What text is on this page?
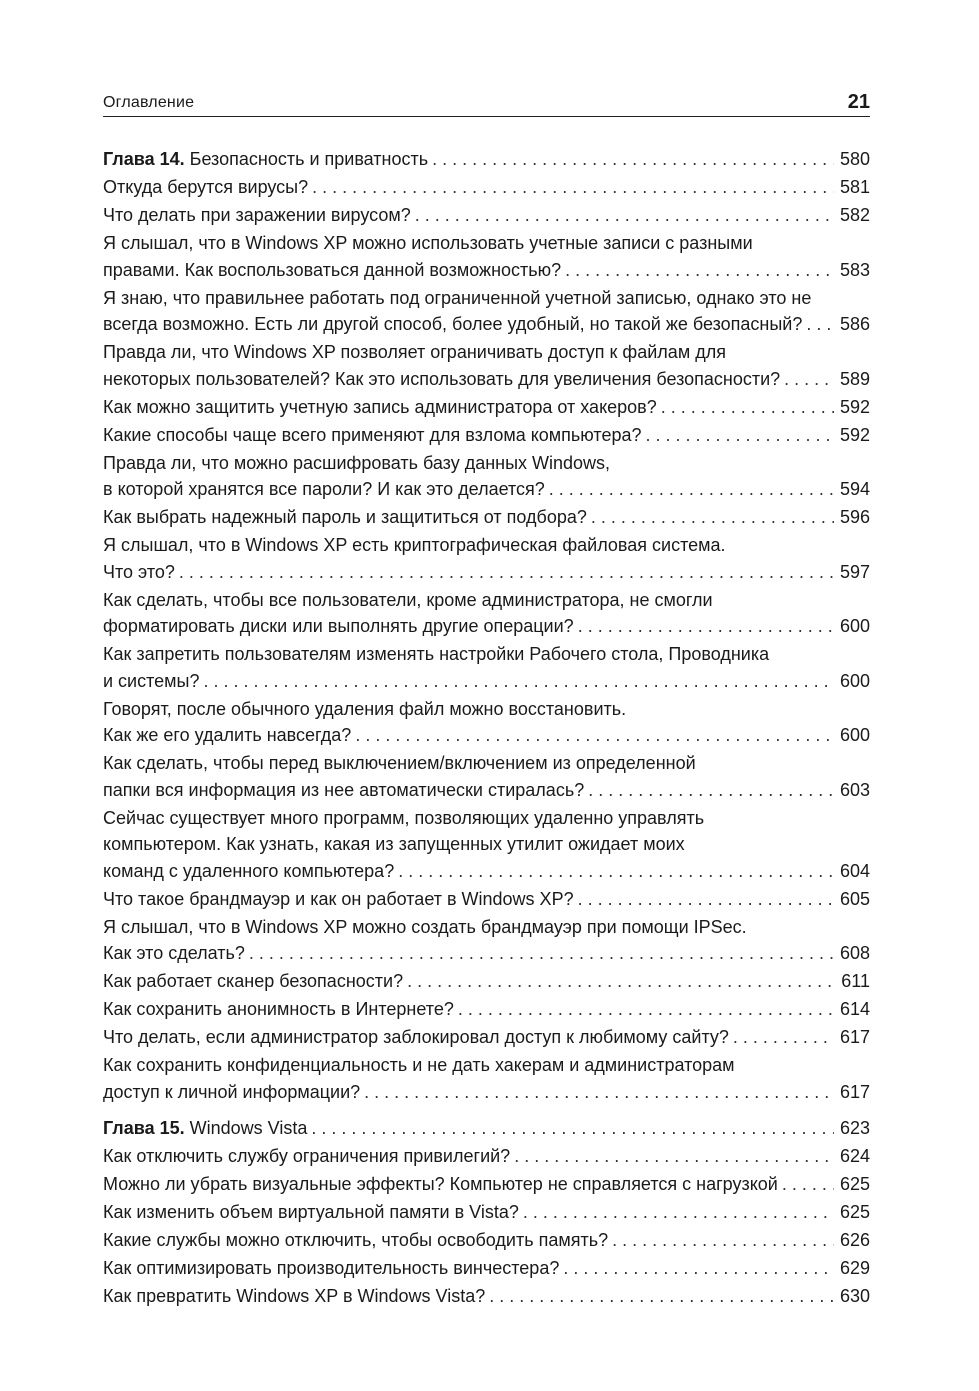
Оглавление	21
Глава 14. Безопасность и приватность . . .	580
Откуда берутся вирусы? . . .	581
Что делать при заражении вирусом? . . .	582
Я слышал, что в Windows XP можно использовать учетные записи с разными
правами. Как воспользоваться данной возможностью? . . .	583
Я знаю, что правильнее работать под ограниченной учетной записью, однако это не
всегда возможно. Есть ли другой способ, более удобный, но такой же безопасный? . . . 586
Правда ли, что Windows XP позволяет ограничивать доступ к файлам для
некоторых пользователей? Как это использовать для увеличения безопасности? . . .	589
Как можно защитить учетную запись администратора от хакеров? . . .	592
Какие способы чаще всего применяют для взлома компьютера? . . .	592
Правда ли, что можно расшифровать базу данных Windows,
в которой хранятся все пароли? И как это делается? . . .	594
Как выбрать надежный пароль и защититься от подбора? . . .	596
Я слышал, что в Windows XP есть криптографическая файловая система.
Что это? . . .	597
Как сделать, чтобы все пользователи, кроме администратора, не смогли
форматировать диски или выполнять другие операции? . . .	600
Как запретить пользователям изменять настройки Рабочего стола, Проводника
и системы? . . .	600
Говорят, после обычного удаления файл можно восстановить.
Как же его удалить навсегда? . . .	600
Как сделать, чтобы перед выключением/включением из определенной
папки вся информация из нее автоматически стиралась? . . .	603
Сейчас существует много программ, позволяющих удаленно управлять
компьютером. Как узнать, какая из запущенных утилит ожидает моих
команд с удаленного компьютера? . . .	604
Что такое брандмауэр и как он работает в Windows XP? . . .	605
Я слышал, что в Windows XP можно создать брандмауэр при помощи IPSec.
Как это сделать? . . .	608
Как работает сканер безопасности? . . .	611
Как сохранить анонимность в Интернете? . . .	614
Что делать, если администратор заблокировал доступ к любимому сайту? . . .	617
Как сохранить конфиденциальность и не дать хакерам и администраторам
доступ к личной информации? . . .	617
Глава 15. Windows Vista . . .	623
Как отключить службу ограничения привилегий? . . .	624
Можно ли убрать визуальные эффекты? Компьютер не справляется с нагрузкой . . .	625
Как изменить объем виртуальной памяти в Vista? . . .	625
Какие службы можно отключить, чтобы освободить память? . . .	626
Как оптимизировать производительность винчестера? . . .	629
Как превратить Windows XP в Windows Vista? . . .	630
